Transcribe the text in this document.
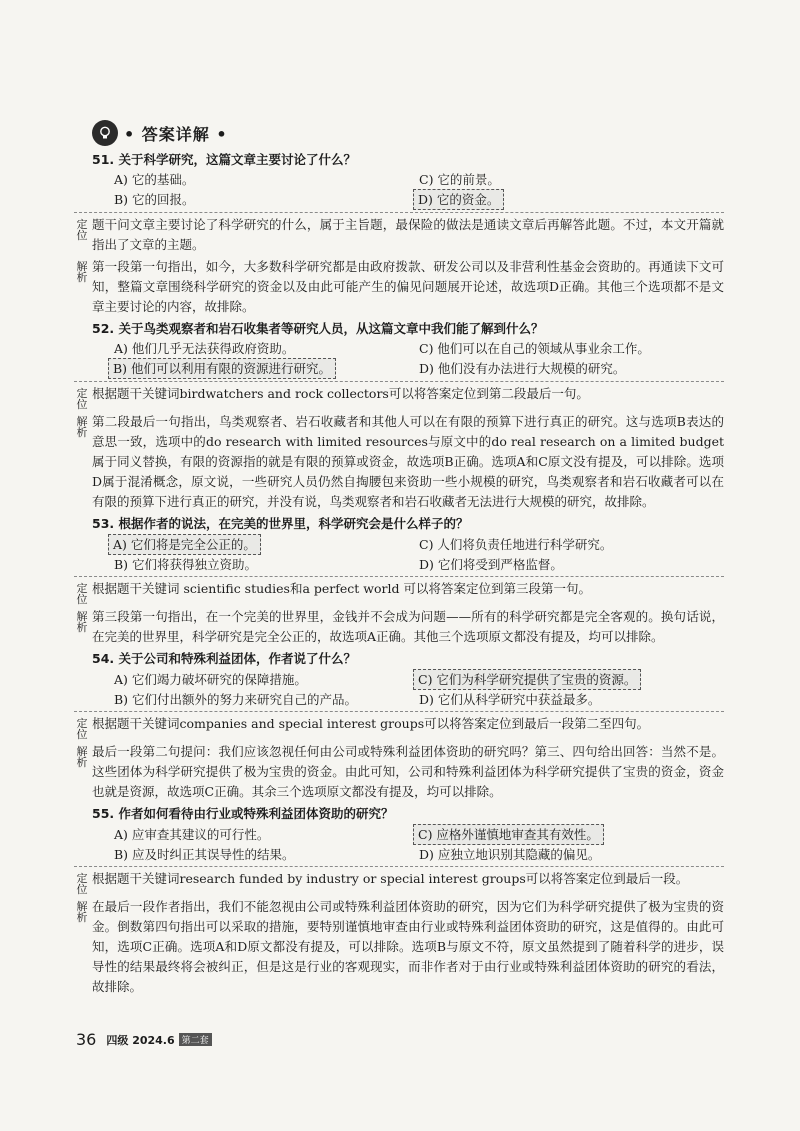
• 答案详解 •
51. 关于科学研究，这篇文章主要讨论了什么？
A) 它的基础。	C) 它的前景。
B) 它的回报。	D) 它的资金。
定位
题干问文章主要讨论了科学研究的什么，属于主旨题，最保险的做法是通读文章后再解答此题。不过，本文开篇就指出了文章的主题。
解析
第一段第一句指出，如今，大多数科学研究都是由政府拨款、研发公司以及非营利性基金会资助的。再通读下文可知，整篇文章围绕科学研究的资金以及由此可能产生的偏见问题展开论述，故选项D正确。其他三个选项都不是文章主要讨论的内容，故排除。
52. 关于鸟类观察者和岩石收集者等研究人员，从这篇文章中我们能了解到什么？
A) 他们几乎无法获得政府资助。	C) 他们可以在自己的领域从事业余工作。
B) 他们可以利用有限的资源进行研究。	D) 他们没有办法进行大规模的研究。
定位
根据题干关键词birdwatchers and rock collectors可以将答案定位到第二段最后一句。
解析
第二段最后一句指出，鸟类观察者、岩石收藏者和其他人可以在有限的预算下进行真正的研究。这与选项B表达的意思一致，选项中的do research with limited resources与原文中的do real research on a limited budget属于同义替换，有限的资源指的就是有限的预算或资金，故选项B正确。选项A和C原文没有提及，可以排除。选项D属于混淆概念，原文说，一些研究人员仍然自掏腰包来资助一些小规模的研究，鸟类观察者和岩石收藏者可以在有限的预算下进行真正的研究，并没有说，鸟类观察者和岩石收藏者无法进行大规模的研究，故排除。
53. 根据作者的说法，在完美的世界里，科学研究会是什么样子的？
A) 它们将是完全公正的。	C) 人们将负责任地进行科学研究。
B) 它们将获得独立资助。	D) 它们将受到严格监督。
定位
根据题干关键词 scientific studies和a perfect world 可以将答案定位到第三段第一句。
解析
第三段第一句指出，在一个完美的世界里，金钱并不会成为问题——所有的科学研究都是完全客观的。换句话说，在完美的世界里，科学研究是完全公正的，故选项A正确。其他三个选项原文都没有提及，均可以排除。
54. 关于公司和特殊利益团体，作者说了什么？
A) 它们竭力破坏研究的保障措施。	C) 它们为科学研究提供了宝贵的资源。
B) 它们付出额外的努力来研究自己的产品。	D) 它们从科学研究中获益最多。
定位
根据题干关键词companies and special interest groups可以将答案定位到最后一段第二至四句。
解析
最后一段第二句提问：我们应该忽视任何由公司或特殊利益团体资助的研究吗？第三、四句给出回答：当然不是。这些团体为科学研究提供了极为宝贵的资金。由此可知，公司和特殊利益团体为科学研究提供了宝贵的资金，资金也就是资源，故选项C正确。其余三个选项原文都没有提及，均可以排除。
55. 作者如何看待由行业或特殊利益团体资助的研究？
A) 应审查其建议的可行性。	C) 应格外谨慎地审查其有效性。
B) 应及时纠正其误导性的结果。	D) 应独立地识别其隐藏的偏见。
定位
根据题干关键词research funded by industry or special interest groups可以将答案定位到最后一段。
解析
在最后一段作者指出，我们不能忽视由公司或特殊利益团体资助的研究，因为它们为科学研究提供了极为宝贵的资金。倒数第四句指出可以采取的措施，要特别谨慎地审查由行业或特殊利益团体资助的研究，这是值得的。由此可知，选项C正确。选项A和D原文都没有提及，可以排除。选项B与原文不符，原文虽然提到了随着科学的进步，误导性的结果最终将会被纠正，但是这是行业的客观现实，而非作者对于由行业或特殊利益团体资助的研究的看法，故排除。
36 四级 2024.6 第二套
